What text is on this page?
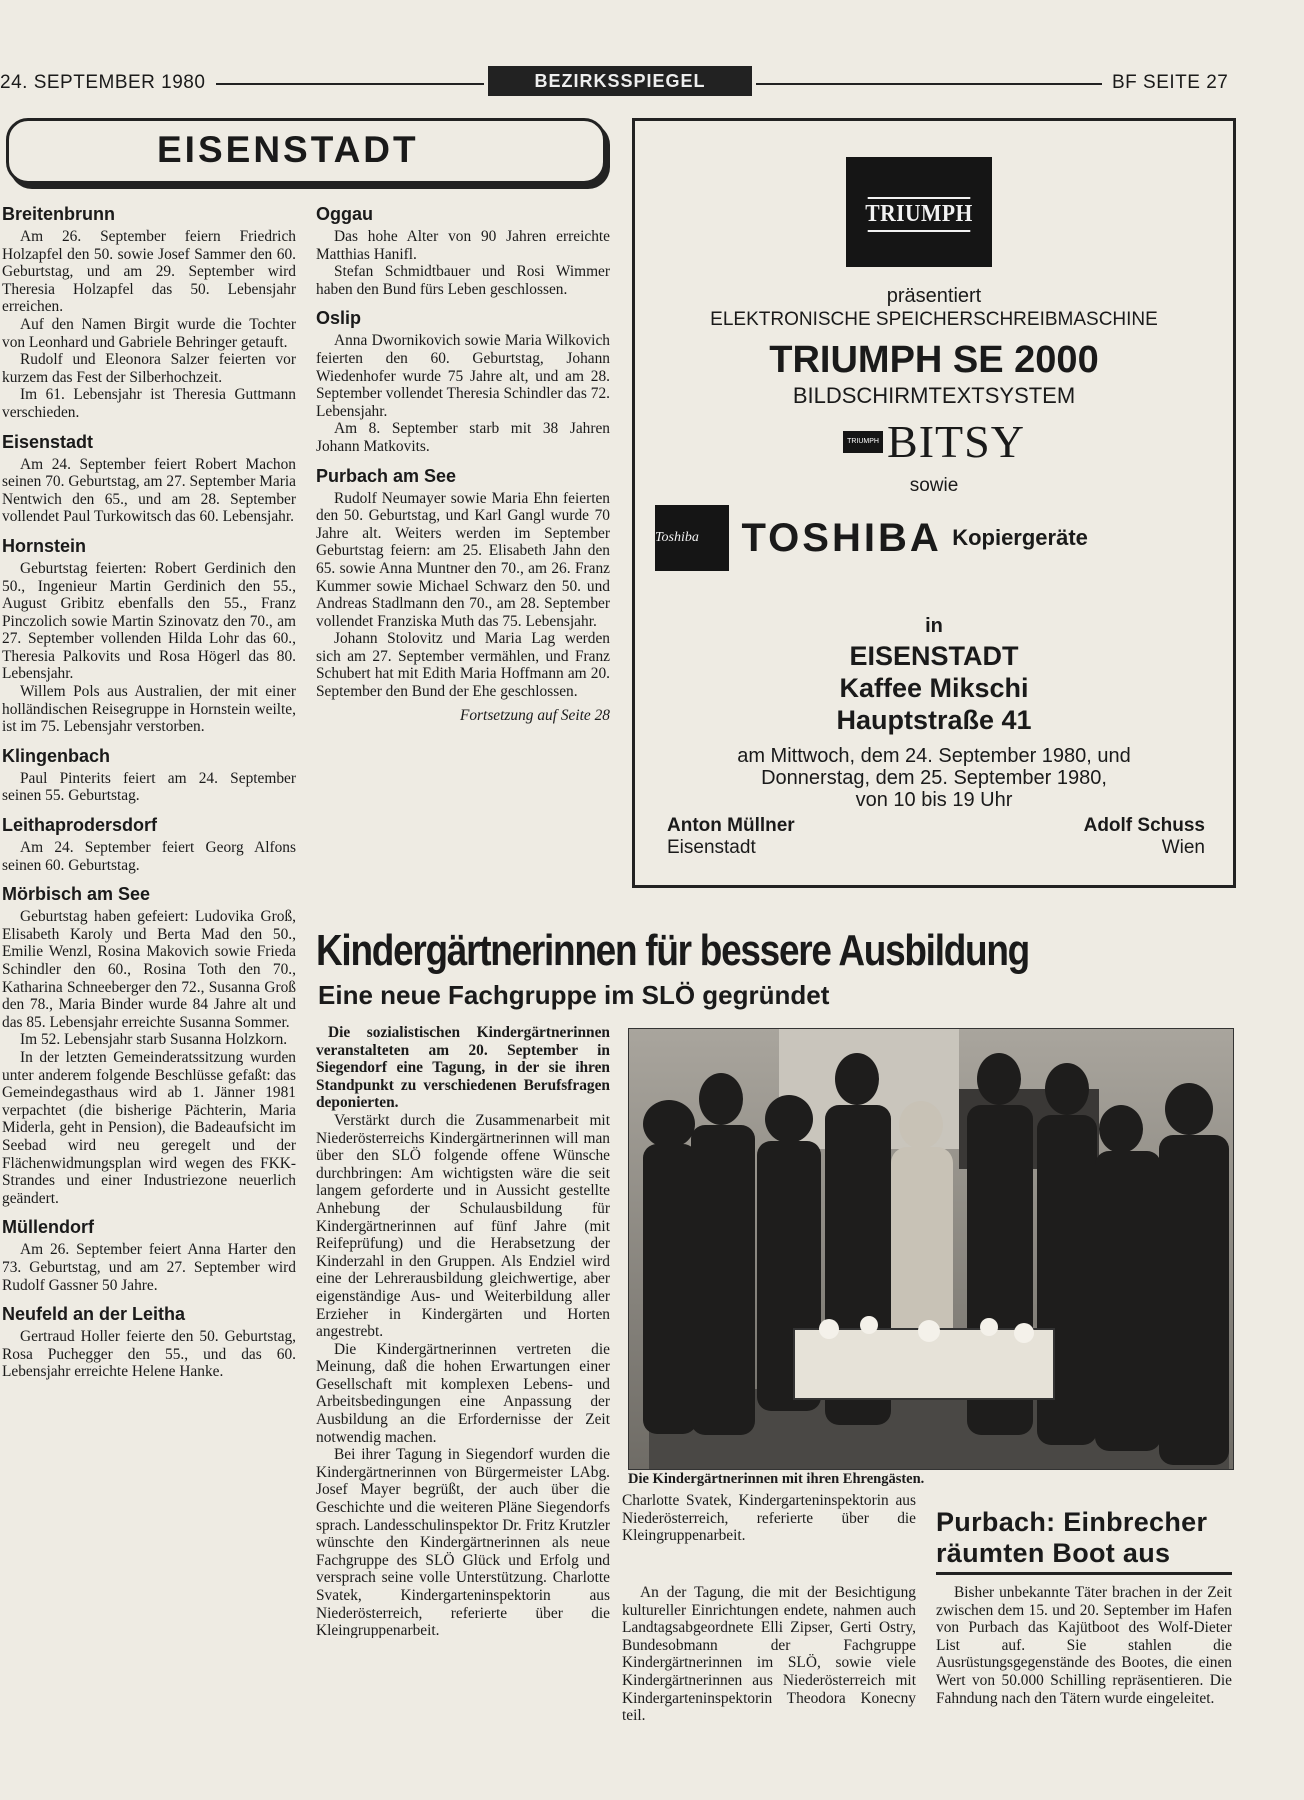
24. SEPTEMBER 1980	BEZIRKSSPIEGEL	BF SEITE 27
EISENSTADT
Breitenbrunn

Am 26. September feiern Friedrich Holzapfel den 50. sowie Josef Sammer den 60. Geburtstag, und am 29. September wird Theresia Holzapfel das 50. Lebensjahr erreichen.

Auf den Namen Birgit wurde die Tochter von Leonhard und Gabriele Behringer getauft.

Rudolf und Eleonora Salzer feierten vor kurzem das Fest der Silberhochzeit.

Im 61. Lebensjahr ist Theresia Guttmann verschieden.

Eisenstadt

Am 24. September feiert Robert Machon seinen 70. Geburtstag, am 27. September Maria Nentwich den 65., und am 28. September vollendet Paul Turkowitsch das 60. Lebensjahr.

Hornstein

Geburtstag feierten: Robert Gerdinich den 50., Ingenieur Martin Gerdinich den 55., August Gribitz ebenfalls den 55., Franz Pinczolich sowie Martin Szinovatz den 70., am 27. September vollenden Hilda Lohr das 60., Theresia Palkovits und Rosa Högerl das 80. Lebensjahr.

Willem Pols aus Australien, der mit einer holländischen Reisegruppe in Hornstein weilte, ist im 75. Lebensjahr verstorben.

Klingenbach

Paul Pinterits feiert am 24. September seinen 55. Geburtstag.

Leithaprodersdorf

Am 24. September feiert Georg Alfons seinen 60. Geburtstag.

Mörbisch am See

Geburtstag haben gefeiert: Ludovika Groß, Elisabeth Karoly und Berta Mad den 50., Emilie Wenzl, Rosina Makovich sowie Frieda Schindler den 60., Rosina Toth den 70., Katharina Schneeberger den 72., Susanna Groß den 78., Maria Binder wurde 84 Jahre alt und das 85. Lebensjahr erreichte Susanna Sommer.

Im 52. Lebensjahr starb Susanna Holzkorn.

In der letzten Gemeinderatssitzung wurden unter anderem folgende Beschlüsse gefaßt: das Gemeindegasthaus wird ab 1. Jänner 1981 verpachtet (die bisherige Pächterin, Maria Miderla, geht in Pension), die Badeaufsicht im Seebad wird neu geregelt und der Flächenwidmungsplan wird wegen des FKK-Strandes und einer Industriezone neuerlich geändert.

Müllendorf

Am 26. September feiert Anna Harter den 73. Geburtstag, und am 27. September wird Rudolf Gassner 50 Jahre.

Neufeld an der Leitha

Gertraud Holler feierte den 50. Geburtstag, Rosa Puchegger den 55., und das 60. Lebensjahr erreichte Helene Hanke.

Oggau

Das hohe Alter von 90 Jahren erreichte Matthias Hanifl.

Stefan Schmidtbauer und Rosi Wimmer haben den Bund fürs Leben geschlossen.

Oslip

Anna Dwornikovich sowie Maria Wilkovich feierten den 60. Geburtstag, Johann Wiedenhofer wurde 75 Jahre alt, und am 28. September vollendet Theresia Schindler das 72. Lebensjahr.

Am 8. September starb mit 38 Jahren Johann Matkovits.

Purbach am See

Rudolf Neumayer sowie Maria Ehn feierten den 50. Geburtstag, und Karl Gangl wurde 70 Jahre alt. Weiters werden im September Geburtstag feiern: am 25. Elisabeth Jahn den 65. sowie Anna Muntner den 70., am 26. Franz Kummer sowie Michael Schwarz den 50. und Andreas Stadlmann den 70., am 28. September vollendet Franziska Muth das 75. Lebensjahr.

Johann Stolovitz und Maria Lag werden sich am 27. September vermählen, und Franz Schubert hat mit Edith Maria Hoffmann am 20. September den Bund der Ehe geschlossen.

Fortsetzung auf Seite 28
TRIUMPH
präsentiert
ELEKTRONISCHE SPEICHERSCHREIBMASCHINE
TRIUMPH SE 2000
BILDSCHIRMTEXTSYSTEM
TRIUMPH BITSY
sowie
Toshiba TOSHIBA Kopiergeräte
in
EISENSTADT
Kaffee Mikschi
Hauptstraße 41
am Mittwoch, dem 24. September 1980, und
Donnerstag, dem 25. September 1980,
von 10 bis 19 Uhr
Anton Müllner
Eisenstadt
Adolf Schuss
Wien
Kindergärtnerinnen für bessere Ausbildung
Eine neue Fachgruppe im SLÖ gegründet

Die sozialistischen Kindergärtnerinnen veranstalteten am 20. September in Siegendorf eine Tagung, in der sie ihren Standpunkt zu verschiedenen Berufsfragen deponierten.

Verstärkt durch die Zusammenarbeit mit Niederösterreichs Kindergärtnerinnen will man über den SLÖ folgende offene Wünsche durchbringen: Am wichtigsten wäre die seit langem geforderte und in Aussicht gestellte Anhebung der Schulausbildung für Kindergärtnerinnen auf fünf Jahre (mit Reifeprüfung) und die Herabsetzung der Kinderzahl in den Gruppen. Als Endziel wird eine der Lehrerausbildung gleichwertige, aber eigenständige Aus- und Weiterbildung aller Erzieher in Kindergärten und Horten angestrebt.

Die Kindergärtnerinnen vertreten die Meinung, daß die hohen Erwartungen einer Gesellschaft mit komplexen Lebens- und Arbeitsbedingungen eine Anpassung der Ausbildung an die Erfordernisse der Zeit notwendig machen.

Bei ihrer Tagung in Siegendorf wurden die Kindergärtnerinnen von Bürgermeister LAbg. Josef Mayer begrüßt, der auch über die Geschichte und die weiteren Pläne Siegendorfs sprach. Landesschulinspektor Dr. Fritz Krutzler wünschte den Kindergärtnerinnen als neue Fachgruppe des SLÖ Glück und Erfolg und versprach seine volle Unterstützung. Charlotte Svatek, Kindergarteninspektorin aus Niederösterreich, referierte über die Kleingruppenarbeit.

Die Kindergärtnerinnen mit ihren Ehrengästen.

Charlotte Svatek, Kindergarteninspektorin aus Niederösterreich, referierte über die Kleingruppenarbeit.

An der Tagung, die mit der Besichtigung kultureller Einrichtungen endete, nahmen auch Landtagsabgeordnete Elli Zipser, Gerti Ostry, Bundesobmann der Fachgruppe Kindergärtnerinnen im SLÖ, sowie viele Kindergärtnerinnen aus Niederösterreich mit Kindergarteninspektorin Theodora Konecny teil.

Purbach: Einbrecher
räumten Boot aus

Bisher unbekannte Täter brachen in der Zeit zwischen dem 15. und 20. September im Hafen von Purbach das Kajütboot des Wolf-Dieter List auf. Sie stahlen die Ausrüstungsgegenstände des Bootes, die einen Wert von 50.000 Schilling repräsentieren. Die Fahndung nach den Tätern wurde eingeleitet.
